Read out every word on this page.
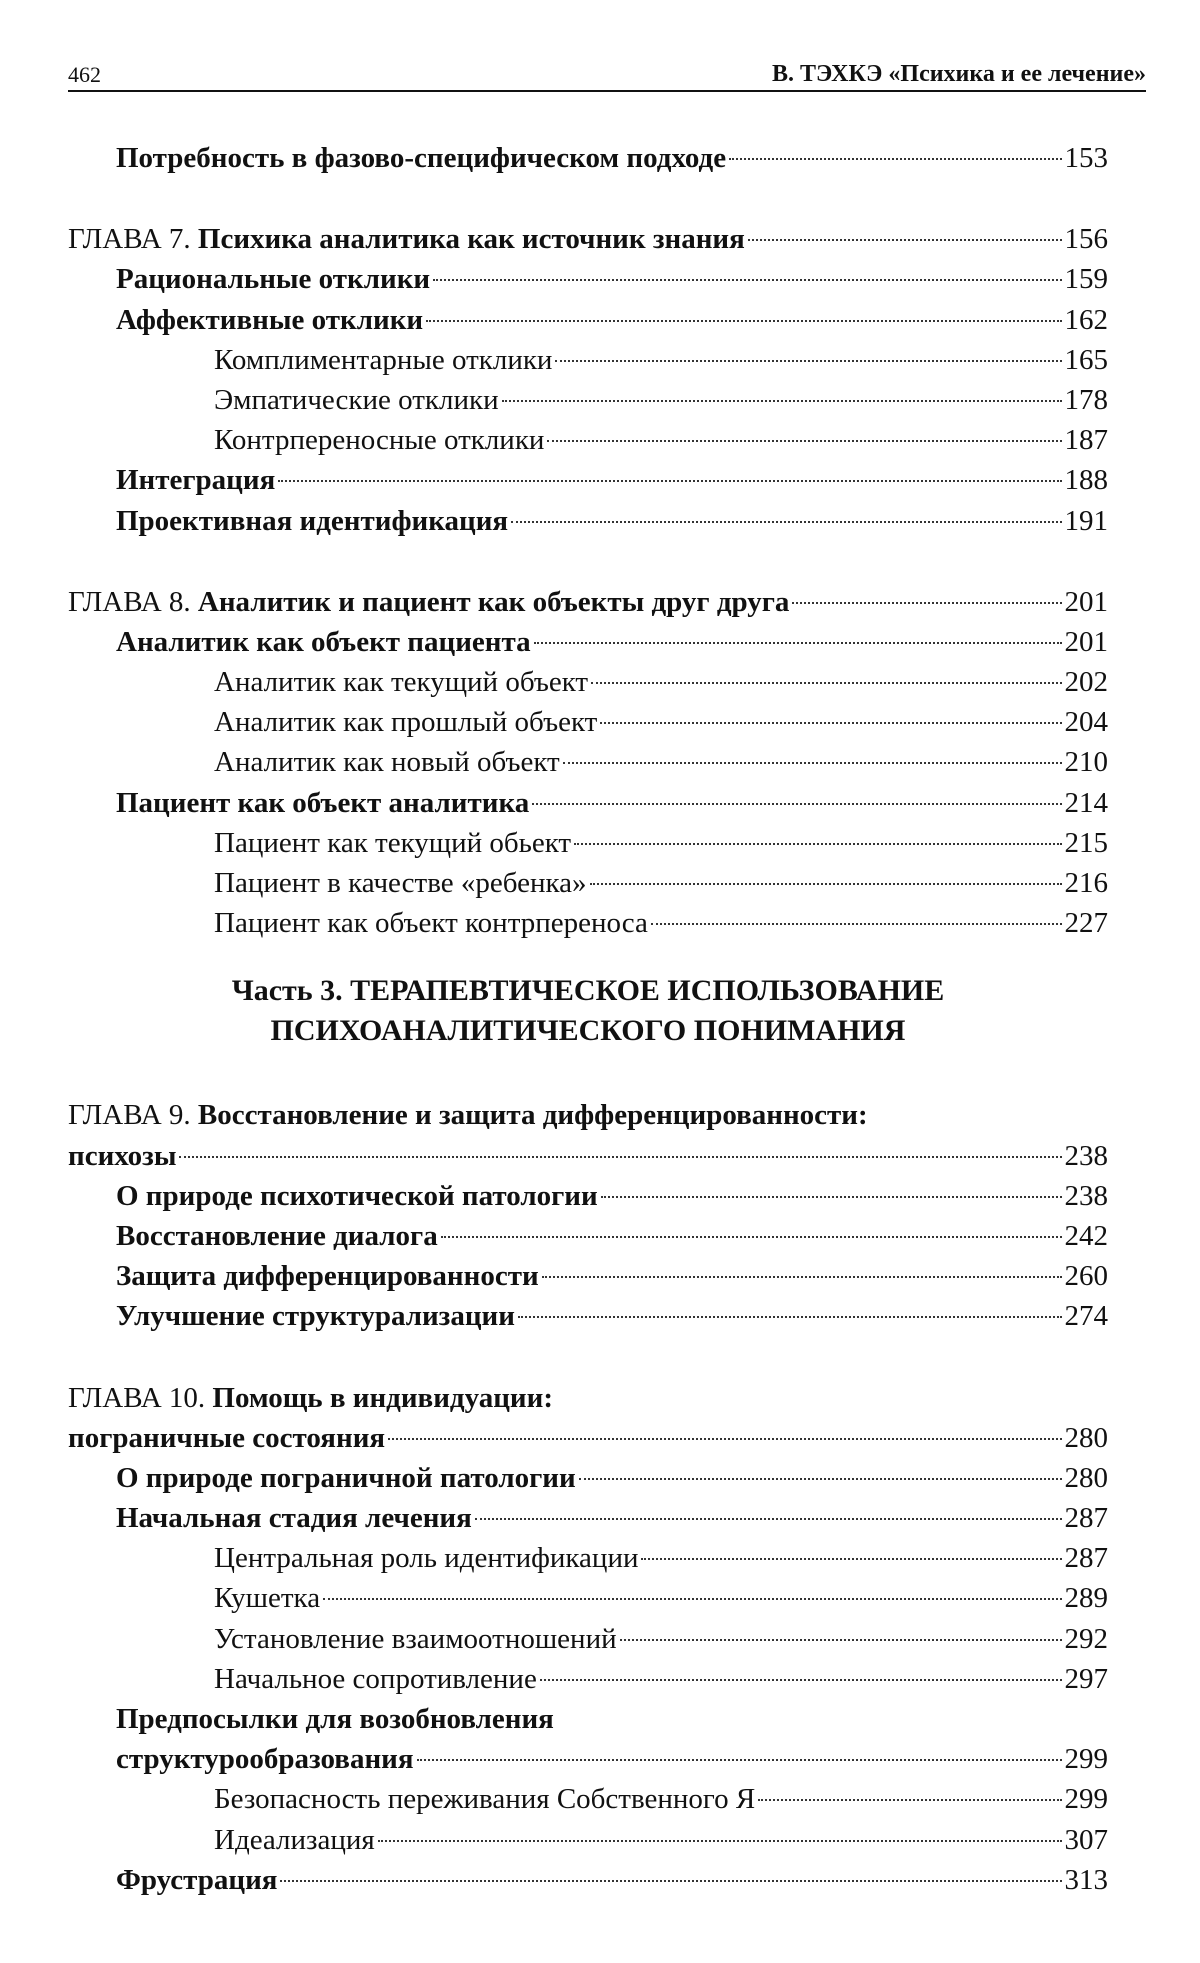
462	В. ТЭХКЭ «Психика и ее лечение»
Потребность в фазово-специфическом подходе	153
ГЛАВА 7. Психика аналитика как источник знания	156
Рациональные отклики	159
Аффективные отклики	162
Комплиментарные отклики	165
Эмпатические отклики	178
Контрпереносные отклики	187
Интеграция	188
Проективная идентификация	191
ГЛАВА 8. Аналитик и пациент как объекты друг друга	201
Аналитик как объект пациента	201
Аналитик как текущий объект	202
Аналитик как прошлый объект	204
Аналитик как новый объект	210
Пациент как объект аналитика	214
Пациент как текущий обьект	215
Пациент в качестве «ребенка»	216
Пациент как объект контрпереноса	227
Часть 3. ТЕРАПЕВТИЧЕСКОЕ ИСПОЛЬЗОВАНИЕ
ПСИХОАНАЛИТИЧЕСКОГО ПОНИМАНИЯ
ГЛАВА 9. Восстановление и защита дифференцированности:
психозы	238
О природе психотической патологии	238
Восстановление диалога	242
Защита дифференцированности	260
Улучшение структурализации	274
ГЛАВА 10. Помощь в индивидуации:
пограничные состояния	280
О природе пограничной патологии	280
Начальная стадия лечения	287
Центральная роль идентификации	287
Кушетка	289
Установление взаимоотношений	292
Начальное сопротивление	297
Предпосылки для возобновления
структурообразования	299
Безопасность переживания Собственного Я	299
Идеализация	307
Фрустрация	313
